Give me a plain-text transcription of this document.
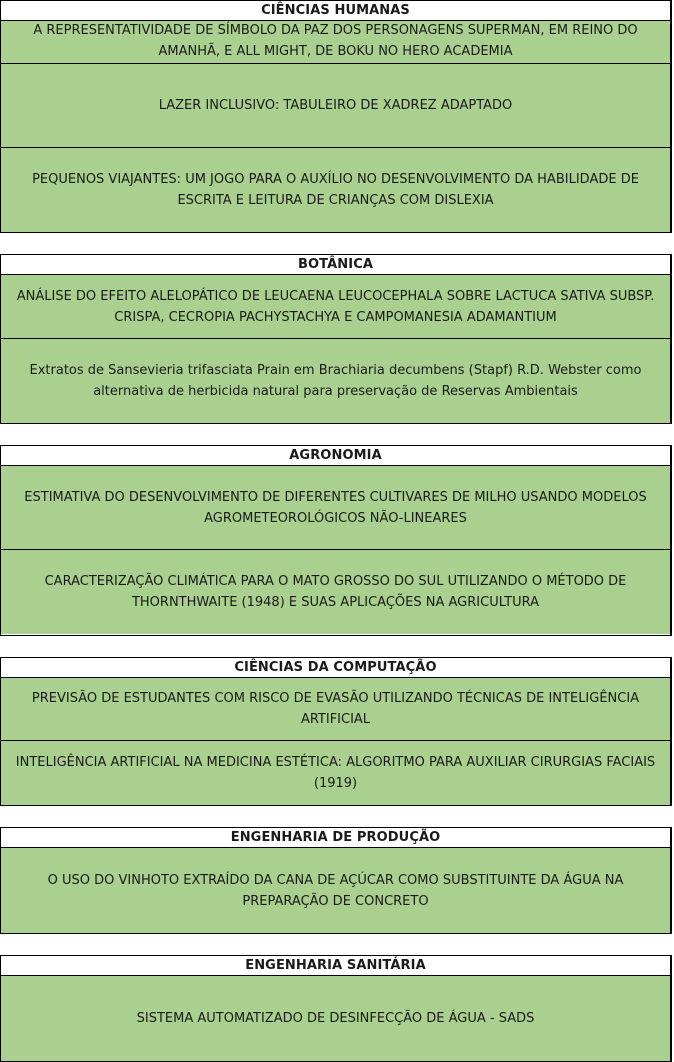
CIÊNCIAS HUMANAS
A REPRESENTATIVIDADE DE SÍMBOLO DA PAZ DOS PERSONAGENS SUPERMAN, EM REINO DO AMANHÃ, E ALL MIGHT, DE BOKU NO HERO ACADEMIA
LAZER INCLUSIVO: TABULEIRO DE XADREZ ADAPTADO
PEQUENOS VIAJANTES: UM JOGO PARA O AUXÍLIO NO DESENVOLVIMENTO DA HABILIDADE DE ESCRITA E LEITURA DE CRIANÇAS COM DISLEXIA
BOTÂNICA
ANÁLISE DO EFEITO ALELOPÁTICO DE LEUCAENA LEUCOCEPHALA SOBRE LACTUCA SATIVA SUBSP. CRISPA, CECROPIA PACHYSTACHYA E CAMPOMANESIA ADAMANTIUM
Extratos de Sansevieria trifasciata Prain em Brachiaria decumbens (Stapf) R.D. Webster como alternativa de herbicida natural para preservação de Reservas Ambientais
AGRONOMIA
ESTIMATIVA DO DESENVOLVIMENTO DE DIFERENTES CULTIVARES DE MILHO USANDO MODELOS AGROMETEOROLÓGICOS NÃO-LINEARES
CARACTERIZAÇÃO CLIMÁTICA PARA O MATO GROSSO DO SUL UTILIZANDO O MÉTODO DE THORNTHWAITE (1948) E SUAS APLICAÇÕES NA AGRICULTURA
CIÊNCIAS DA COMPUTAÇÃO
PREVISÃO DE ESTUDANTES COM RISCO DE EVASÃO UTILIZANDO TÉCNICAS DE INTELIGÊNCIA ARTIFICIAL
INTELIGÊNCIA ARTIFICIAL NA MEDICINA ESTÉTICA: ALGORITMO PARA AUXILIAR CIRURGIAS FACIAIS (1919)
ENGENHARIA DE PRODUÇÃO
O USO DO VINHOTO EXTRAÍDO DA CANA DE AÇÚCAR COMO SUBSTITUINTE DA ÁGUA NA PREPARAÇÃO DE CONCRETO
ENGENHARIA SANITÁRIA
SISTEMA AUTOMATIZADO DE DESINFECÇÃO DE ÁGUA - SADS
